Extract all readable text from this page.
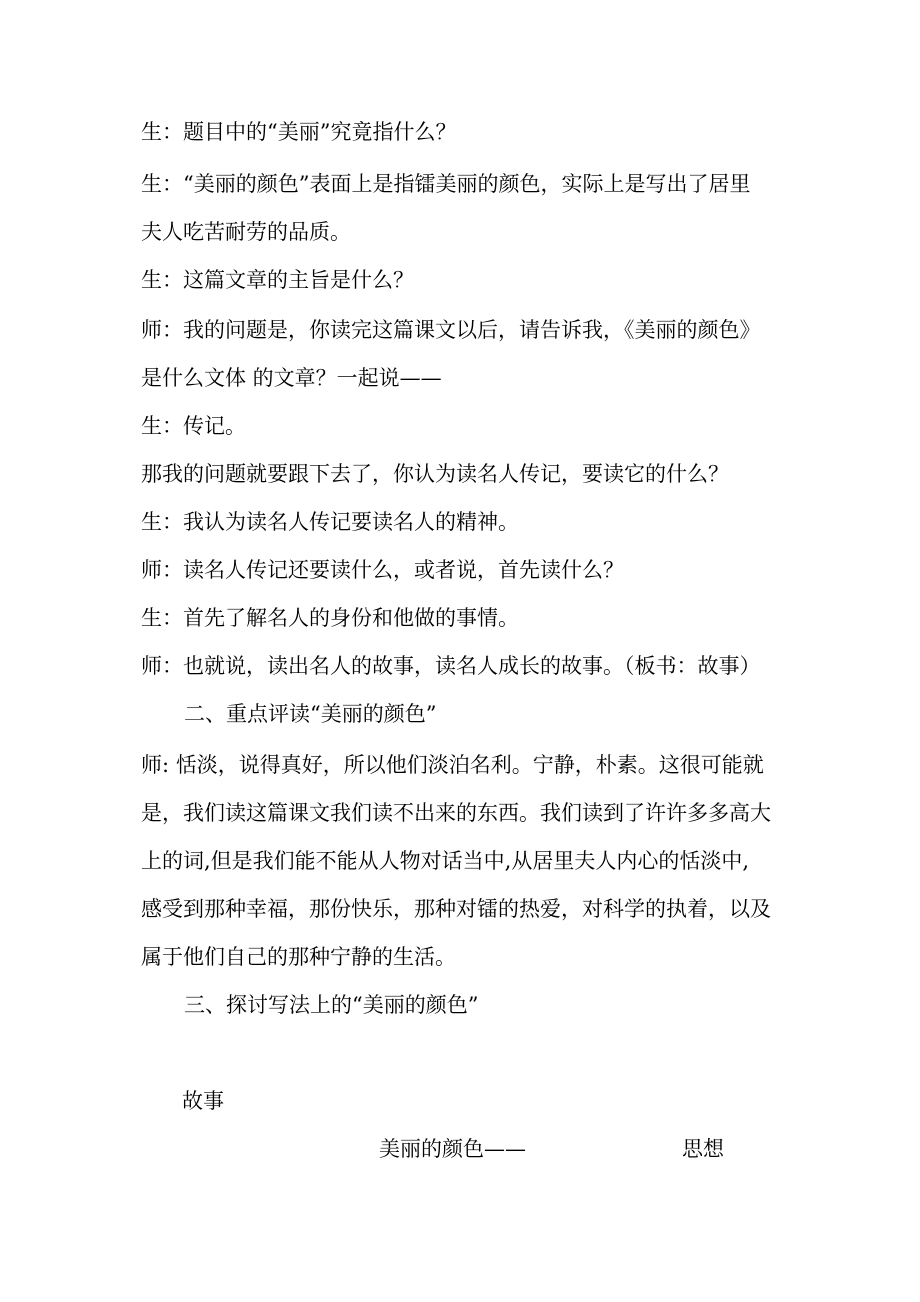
生：题目中的“美丽”究竟指什么？
生：“美丽的颜色”表面上是指镭美丽的颜色，实际上是写出了居里
夫人吃苦耐劳的品质。
生：这篇文章的主旨是什么？
师：我的问题是，你读完这篇课文以后，请告诉我，《美丽的颜色》
是什么文体 的文章？一起说——
生：传记。
那我的问题就要跟下去了，你认为读名人传记，要读它的什么？
生：我认为读名人传记要读名人的精神。
师：读名人传记还要读什么，或者说，首先读什么？
生：首先了解名人的身份和他做的事情。
师：也就说，读出名人的故事，读名人成长的故事。（板书：故事）
二、重点评读“美丽的颜色”
师: 恬淡，说得真好，所以他们淡泊名利。宁静，朴素。这很可能就
是，我们读这篇课文我们读不出来的东西。我们读到了许许多多高大
上的词,但是我们能不能从人物对话当中,从居里夫人内心的恬淡中,
感受到那种幸福，那份快乐，那种对镭的热爱，对科学的执着，以及
属于他们自己的那种宁静的生活。
三、探讨写法上的“美丽的颜色”
故事
美丽的颜色——	思想
